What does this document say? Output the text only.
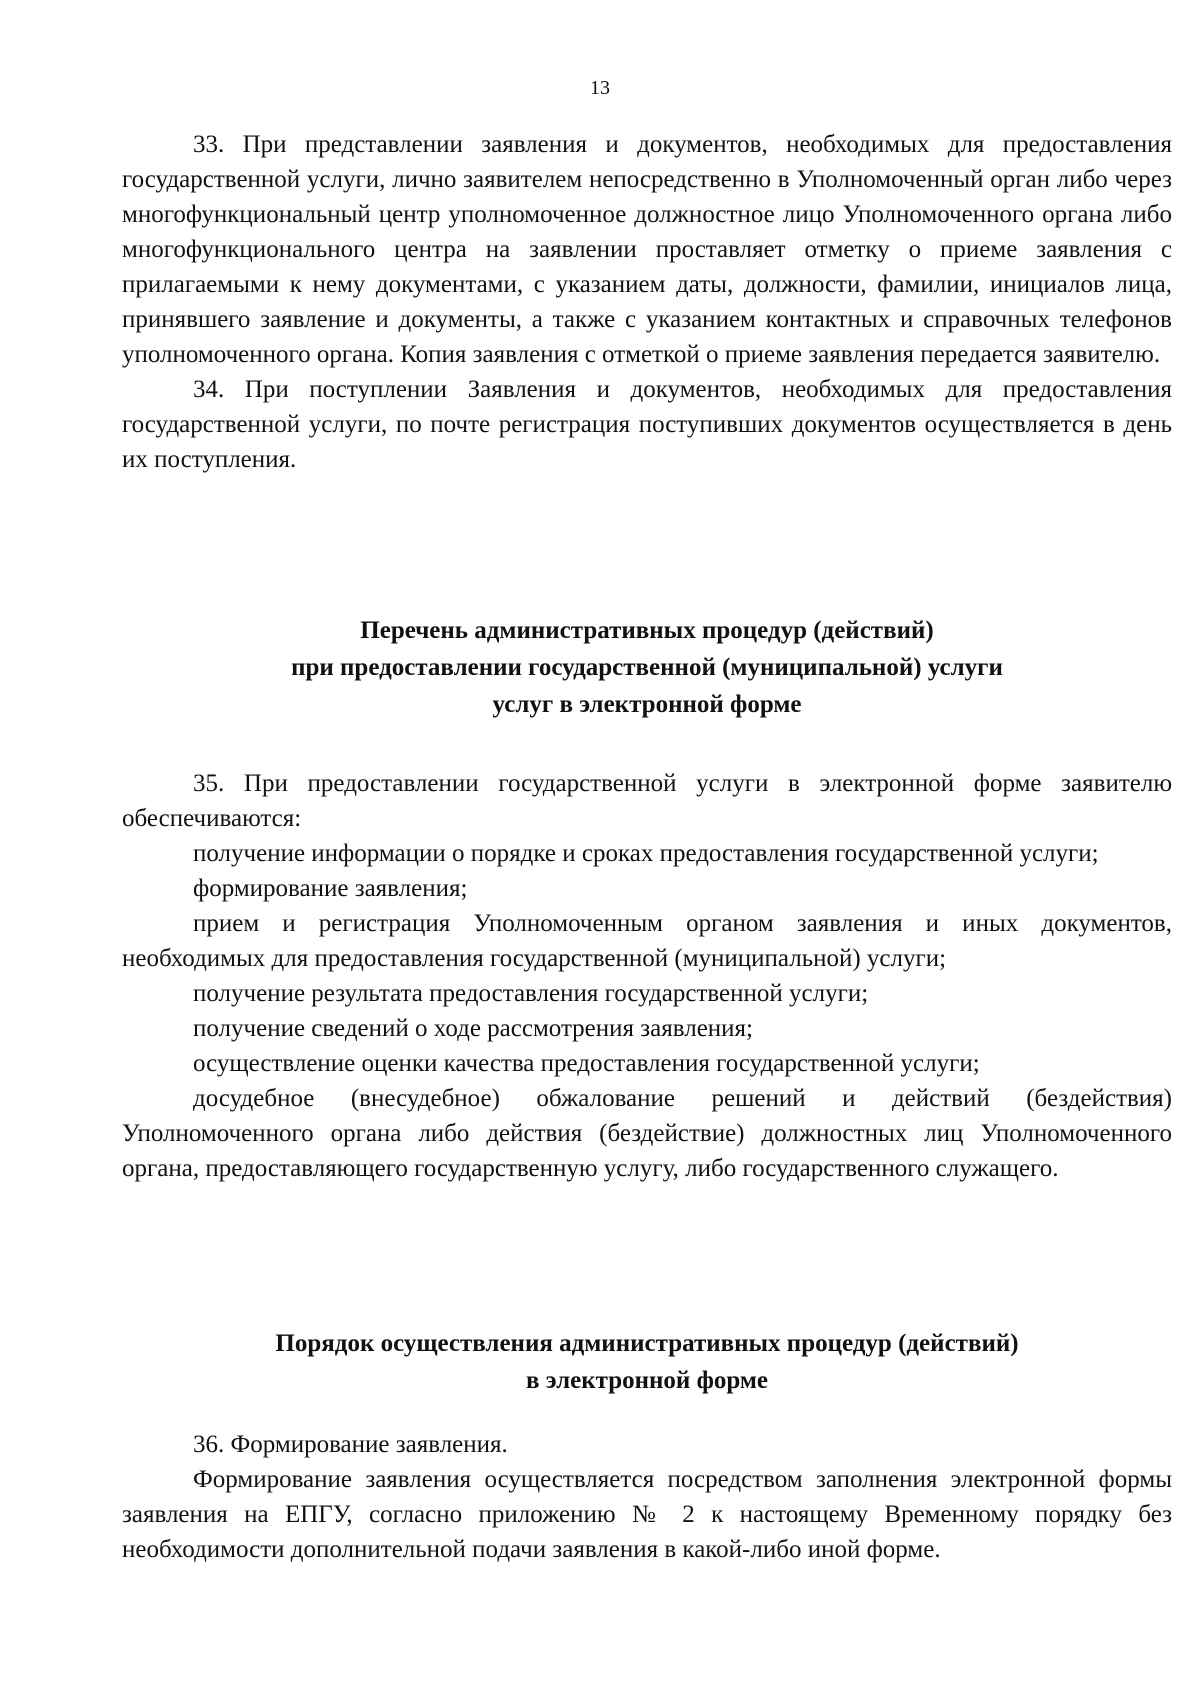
13

33. При представлении заявления и документов, необходимых для предоставления государственной услуги, лично заявителем непосредственно в Уполномоченный орган либо через многофункциональный центр уполномоченное должностное лицо Уполномоченного органа либо многофункционального центра на заявлении проставляет отметку о приеме заявления с прилагаемыми к нему документами, с указанием даты, должности, фамилии, инициалов лица, принявшего заявление и документы, а также с указанием контактных и справочных телефонов уполномоченного органа. Копия заявления с отметкой о приеме заявления передается заявителю.

34. При поступлении Заявления и документов, необходимых для предоставления государственной услуги, по почте регистрация поступивших документов осуществляется в день их поступления.

Перечень административных процедур (действий)
при предоставлении государственной (муниципальной) услуги
услуг в электронной форме

35. При предоставлении государственной услуги в электронной форме заявителю обеспечиваются:

получение информации о порядке и сроках предоставления государственной услуги;

формирование заявления;

прием и регистрация Уполномоченным органом заявления и иных документов, необходимых для предоставления государственной (муниципальной) услуги;

получение результата предоставления государственной услуги;

получение сведений о ходе рассмотрения заявления;

осуществление оценки качества предоставления государственной услуги;

досудебное (внесудебное) обжалование решений и действий (бездействия) Уполномоченного органа либо действия (бездействие) должностных лиц Уполномоченного органа, предоставляющего государственную услугу, либо государственного служащего.

Порядок осуществления административных процедур (действий)
в электронной форме

36. Формирование заявления.

Формирование заявления осуществляется посредством заполнения электронной формы заявления на ЕПГУ, согласно приложению № 2 к настоящему Временному порядку без необходимости дополнительной подачи заявления в какой-либо иной форме.
